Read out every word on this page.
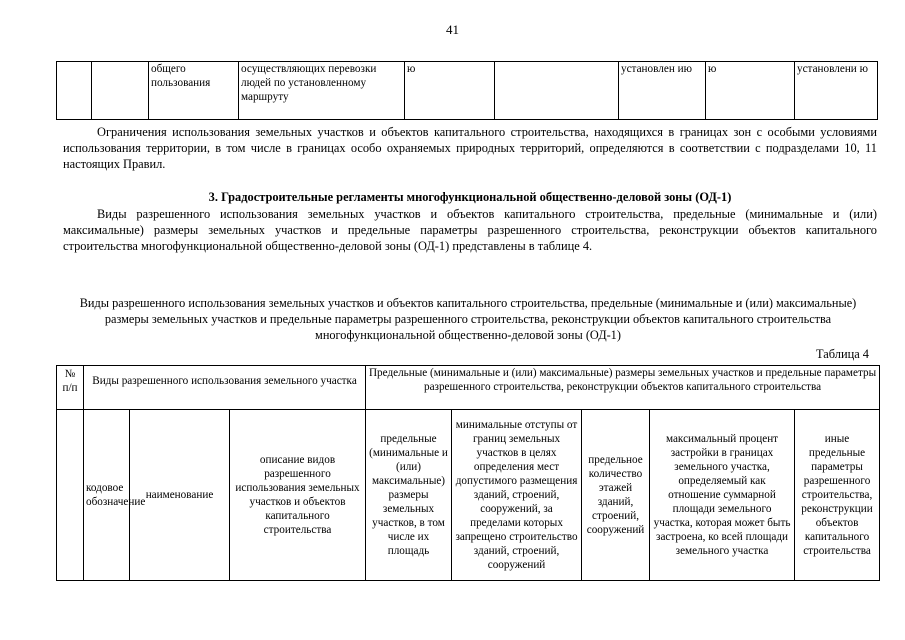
41
		общего пользования	осуществляющих перевозки людей по установленному маршруту	ю		установлен ию	ю	установлени ю
Ограничения использования земельных участков и объектов капитального строительства, находящихся в границах зон с особыми условиями использования территории, в том числе в границах особо охраняемых природных территорий, определяются в соответствии с подразделами 10, 11 настоящих Правил.
3. Градостроительные регламенты многофункциональной общественно-деловой зоны (ОД-1)
Виды разрешенного использования земельных участков и объектов капитального строительства, предельные (минимальные и (или) максимальные) размеры земельных участков и предельные параметры разрешенного строительства, реконструкции объектов капитального строительства многофункциональной общественно-деловой зоны (ОД-1) представлены в таблице 4.
Виды разрешенного использования земельных участков и объектов капитального строительства, предельные (минимальные и (или) максимальные) размеры земельных участков и предельные параметры разрешенного строительства, реконструкции объектов капитального строительства многофункциональной общественно-деловой зоны (ОД-1)
Таблица 4
№ п/п	Виды разрешенного использования земельного участка			Предельные (минимальные и (или) максимальные) размеры земельных участков и предельные параметры разрешенного строительства, реконструкции объектов капитального строительства				
	кодовое обозначение	наименование	описание видов разрешенного использования земельных участков и объектов капитального строительства	предельные (минимальные и (или) максимальные) размеры земельных участков, в том числе их площадь	минимальные отступы от границ земельных участков в целях определения мест допустимого размещения зданий, строений, сооружений, за пределами которых запрещено строительство зданий, строений, сооружений	предельное количество этажей зданий, строений, сооружений	максимальный процент застройки в границах земельного участка, определяемый как отношение суммарной площади земельного участка, которая может быть застроена, ко всей площади земельного участка	иные предельные параметры разрешенного строительства, реконструкции объектов капитального строительства
